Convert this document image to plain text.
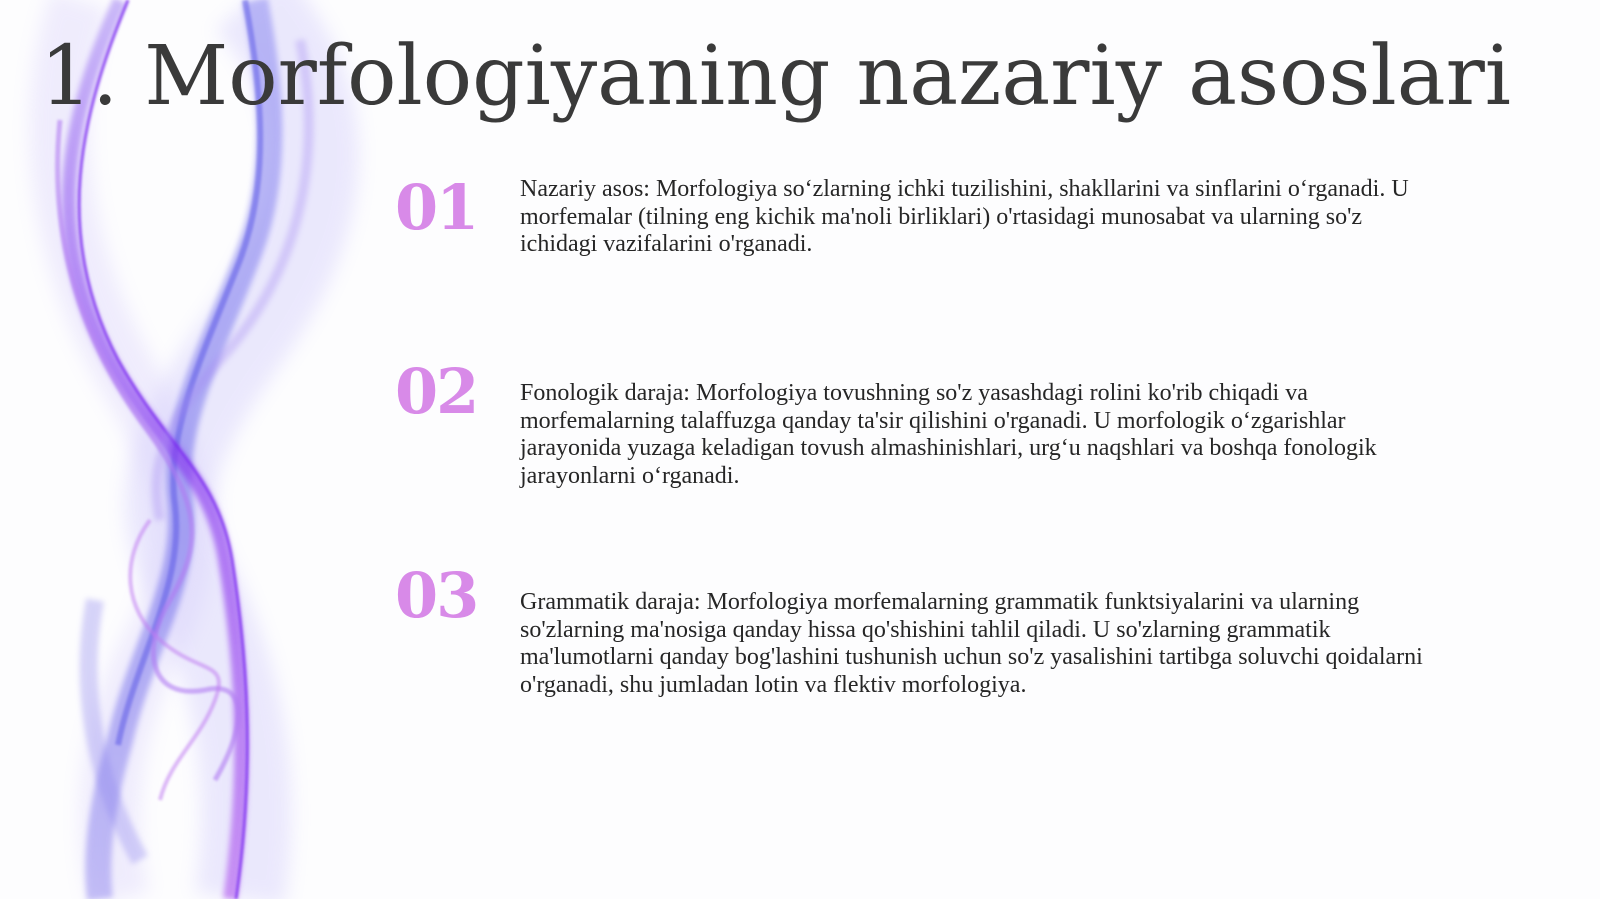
1. Morfologiyaning nazariy asoslari
01	Nazariy asos: Morfologiya so‘zlarning ichki tuzilishini, shakllarini va sinflarini o‘rganadi. U morfemalar (tilning eng kichik ma'noli birliklari) o'rtasidagi munosabat va ularning so'z ichidagi vazifalarini o'rganadi.
02	Fonologik daraja: Morfologiya tovushning so'z yasashdagi rolini ko'rib chiqadi va morfemalarning talaffuzga qanday ta'sir qilishini o'rganadi. U morfologik o‘zgarishlar jarayonida yuzaga keladigan tovush almashinishlari, urg‘u naqshlari va boshqa fonologik jarayonlarni o‘rganadi.
03	Grammatik daraja: Morfologiya morfemalarning grammatik funktsiyalarini va ularning so'zlarning ma'nosiga qanday hissa qo'shishini tahlil qiladi. U so'zlarning grammatik ma'lumotlarni qanday bog'lashini tushunish uchun so'z yasalishini tartibga soluvchi qoidalarni o'rganadi, shu jumladan lotin va flektiv morfologiya.
